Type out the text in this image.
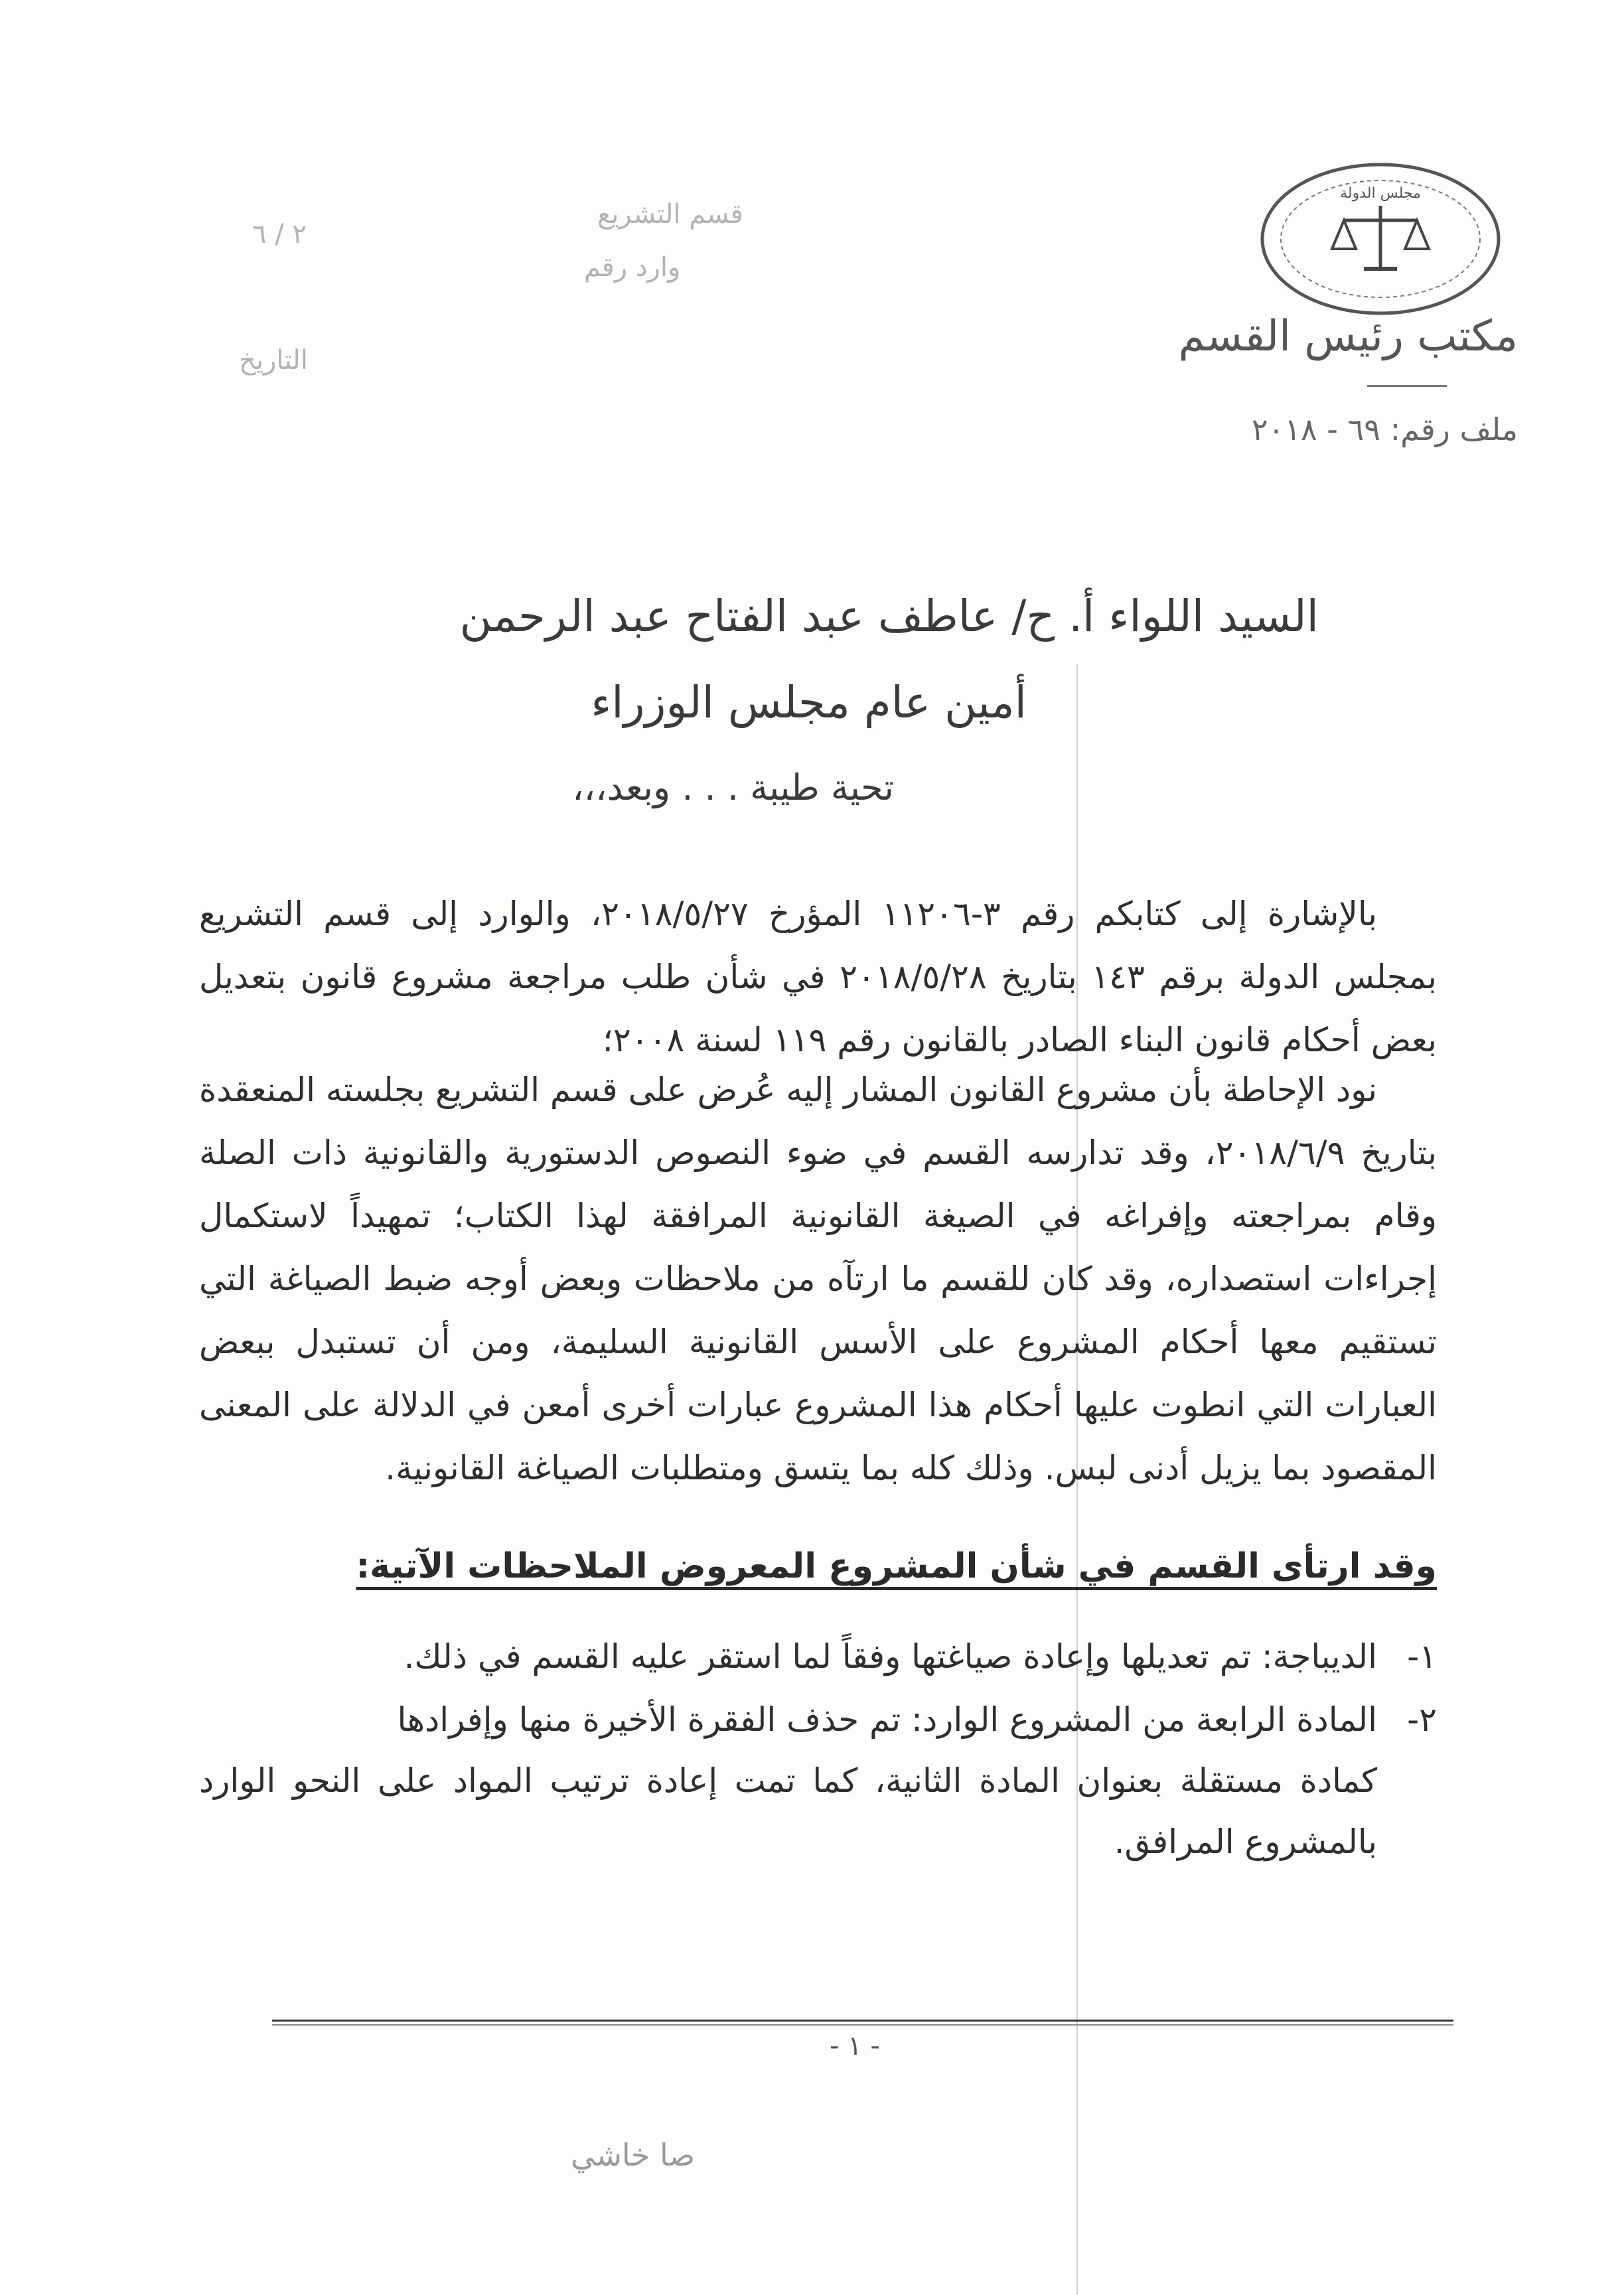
قسم التشريع
وارد رقم
٢ / ٦
التاريخ
مجلس الدولة
مكتب رئيس القسم
ملف رقم: ٦٩ - ٢٠١٨
السيد اللواء أ. ح/ عاطف عبد الفتاح عبد الرحمن
أمين عام مجلس الوزراء
تحية طيبة . . . وبعد،،،
بالإشارة إلى كتابكم رقم ٣-١١٢٠٦ المؤرخ ٢٠١٨/٥/٢٧، والوارد إلى قسم التشريع بمجلس الدولة برقم ١٤٣ بتاريخ ٢٠١٨/٥/٢٨ في شأن طلب مراجعة مشروع قانون بتعديل بعض أحكام قانون البناء الصادر بالقانون رقم ١١٩ لسنة ٢٠٠٨؛
نود الإحاطة بأن مشروع القانون المشار إليه عُرض على قسم التشريع بجلسته المنعقدة بتاريخ ٢٠١٨/٦/٩، وقد تدارسه القسم في ضوء النصوص الدستورية والقانونية ذات الصلة وقام بمراجعته وإفراغه في الصيغة القانونية المرافقة لهذا الكتاب؛ تمهيداً لاستكمال إجراءات استصداره، وقد كان للقسم ما ارتآه من ملاحظات وبعض أوجه ضبط الصياغة التي تستقيم معها أحكام المشروع على الأسس القانونية السليمة، ومن أن تستبدل ببعض العبارات التي انطوت عليها أحكام هذا المشروع عبارات أخرى أمعن في الدلالة على المعنى المقصود بما يزيل أدنى لبس. وذلك كله بما يتسق ومتطلبات الصياغة القانونية.
وقد ارتأى القسم في شأن المشروع المعروض الملاحظات الآتية:
١-الديباجة: تم تعديلها وإعادة صياغتها وفقاً لما استقر عليه القسم في ذلك.
٢-المادة الرابعة من المشروع الوارد: تم حذف الفقرة الأخيرة منها وإفرادها
كمادة مستقلة بعنوان المادة الثانية، كما تمت إعادة ترتيب المواد على النحو الوارد بالمشروع المرافق.
- ١ -
صا خاشي
